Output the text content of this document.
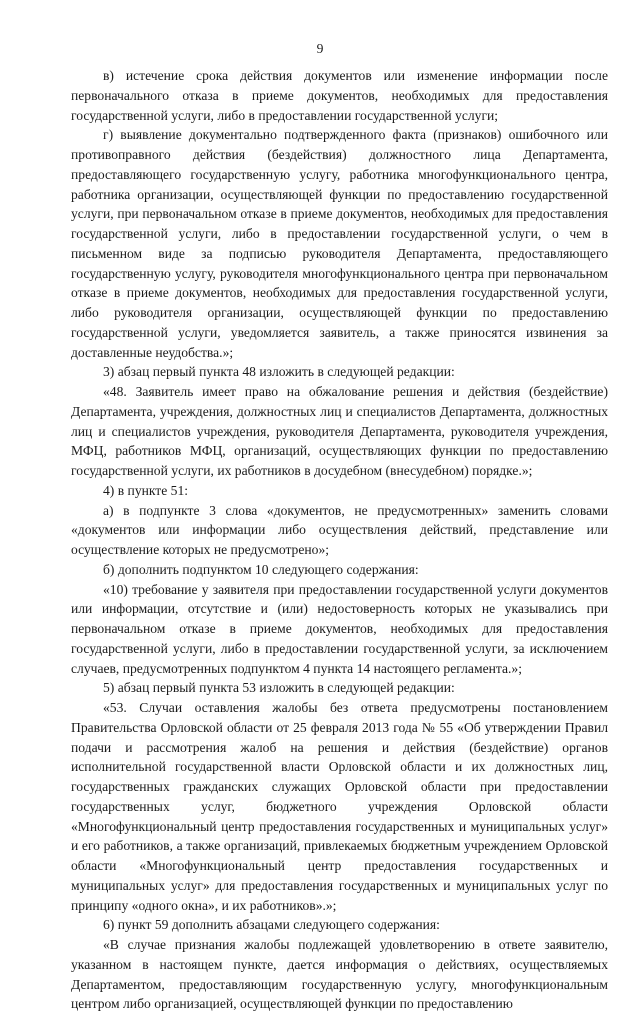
9

в) истечение срока действия документов или изменение информации после первоначального отказа в приеме документов, необходимых для предоставления государственной услуги, либо в предоставлении государственной услуги;

г) выявление документально подтвержденного факта (признаков) ошибочного или противоправного действия (бездействия) должностного лица Департамента, предоставляющего государственную услугу, работника многофункционального центра, работника организации, осуществляющей функции по предоставлению государственной услуги, при первоначальном отказе в приеме документов, необходимых для предоставления государственной услуги, либо в предоставлении государственной услуги, о чем в письменном виде за подписью руководителя Департамента, предоставляющего государственную услугу, руководителя многофункционального центра при первоначальном отказе в приеме документов, необходимых для предоставления государственной услуги, либо руководителя организации, осуществляющей функции по предоставлению государственной услуги, уведомляется заявитель, а также приносятся извинения за доставленные неудобства.»;

3) абзац первый пункта 48 изложить в следующей редакции:

«48. Заявитель имеет право на обжалование решения и действия (бездействие) Департамента, учреждения, должностных лиц и специалистов Департамента, должностных лиц и специалистов учреждения, руководителя Департамента, руководителя учреждения, МФЦ, работников МФЦ, организаций, осуществляющих функции по предоставлению государственной услуги, их работников в досудебном (внесудебном) порядке.»;

4) в пункте 51:

а) в подпункте 3 слова «документов, не предусмотренных» заменить словами «документов или информации либо осуществления действий, представление или осуществление которых не предусмотрено»;

б) дополнить подпунктом 10 следующего содержания:

«10) требование у заявителя при предоставлении государственной услуги документов или информации, отсутствие и (или) недостоверность которых не указывались при первоначальном отказе в приеме документов, необходимых для предоставления государственной услуги, либо в предоставлении государственной услуги, за исключением случаев, предусмотренных подпунктом 4 пункта 14 настоящего регламента.»;

5) абзац первый пункта 53 изложить в следующей редакции:

«53. Случаи оставления жалобы без ответа предусмотрены постановлением Правительства Орловской области от 25 февраля 2013 года № 55 «Об утверждении Правил подачи и рассмотрения жалоб на решения и действия (бездействие) органов исполнительной государственной власти Орловской области и их должностных лиц, государственных гражданских служащих Орловской области при предоставлении государственных услуг, бюджетного учреждения Орловской области «Многофункциональный центр предоставления государственных и муниципальных услуг» и его работников, а также организаций, привлекаемых бюджетным учреждением Орловской области «Многофункциональный центр предоставления государственных и муниципальных услуг» для предоставления государственных и муниципальных услуг по принципу «одного окна», и их работников».»;

6) пункт 59 дополнить абзацами следующего содержания:

«В случае признания жалобы подлежащей удовлетворению в ответе заявителю, указанном в настоящем пункте, дается информация о действиях, осуществляемых Департаментом, предоставляющим государственную услугу, многофункциональным центром либо организацией, осуществляющей функции по предоставлению
